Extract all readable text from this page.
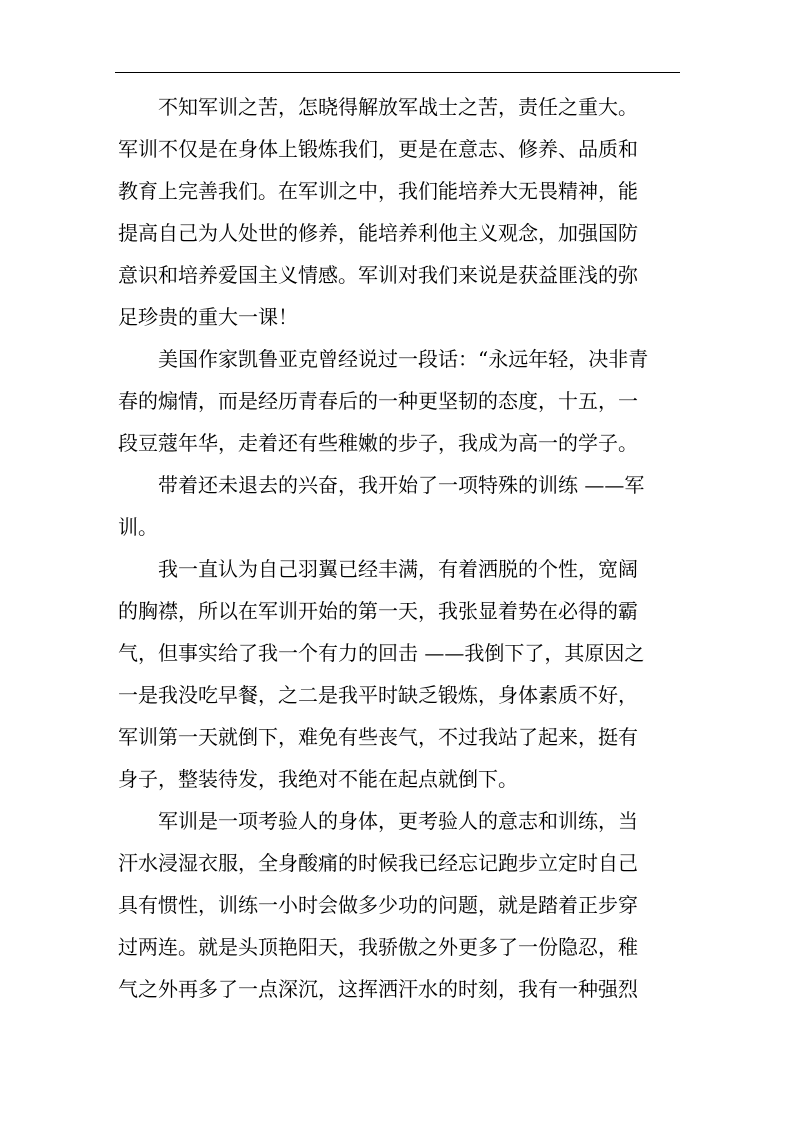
不知军训之苦，怎晓得解放军战士之苦，责任之重大。
军训不仅是在身体上锻炼我们，更是在意志、修养、品质和
教育上完善我们。在军训之中，我们能培养大无畏精神，能
提高自己为人处世的修养，能培养利他主义观念，加强国防
意识和培养爱国主义情感。军训对我们来说是获益匪浅的弥
足珍贵的重大一课！
美国作家凯鲁亚克曾经说过一段话：“永远年轻，决非青
春的煽情，而是经历青春后的一种更坚韧的态度，十五，一
段豆蔻年华，走着还有些稚嫩的步子，我成为高一的学子。
带着还未退去的兴奋，我开始了一项特殊的训练 ——军
训。
我一直认为自己羽翼已经丰满，有着洒脱的个性，宽阔
的胸襟，所以在军训开始的第一天，我张显着势在必得的霸
气，但事实给了我一个有力的回击 ——我倒下了，其原因之
一是我没吃早餐，之二是我平时缺乏锻炼，身体素质不好，
军训第一天就倒下，难免有些丧气，不过我站了起来，挺有
身子，整装待发，我绝对不能在起点就倒下。
军训是一项考验人的身体，更考验人的意志和训练，当
汗水浸湿衣服，全身酸痛的时候我已经忘记跑步立定时自己
具有惯性，训练一小时会做多少功的问题，就是踏着正步穿
过两连。就是头顶艳阳天，我骄傲之外更多了一份隐忍，稚
气之外再多了一点深沉，这挥洒汗水的时刻，我有一种强烈
